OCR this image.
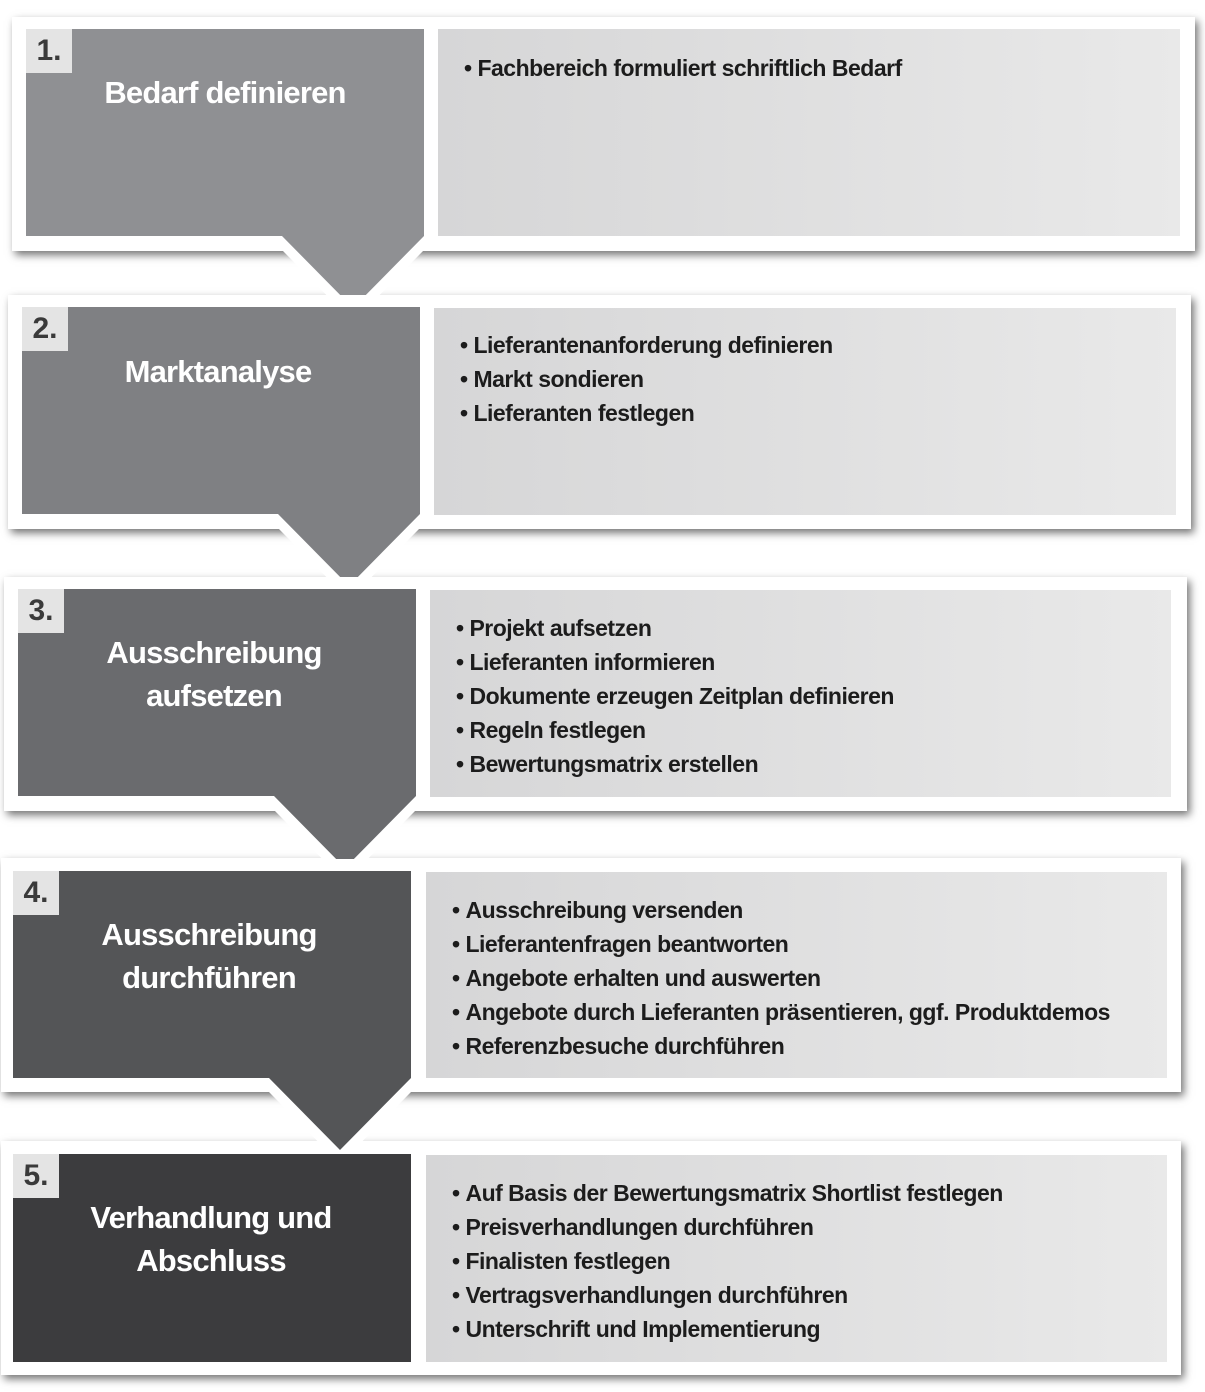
1.
Bedarf definieren
• Fachbereich formuliert schriftlich Bedarf
2.
Marktanalyse
• Lieferantenanforderung definieren
• Markt sondieren
• Lieferanten festlegen
3.
Ausschreibung
aufsetzen
• Projekt aufsetzen
• Lieferanten informieren
• Dokumente erzeugen Zeitplan definieren
• Regeln festlegen
• Bewertungsmatrix erstellen
4.
Ausschreibung
durchführen
• Ausschreibung versenden
• Lieferantenfragen beantworten
• Angebote erhalten und auswerten
• Angebote durch Lieferanten präsentieren, ggf. Produktdemos
• Referenzbesuche durchführen
5.
Verhandlung und
Abschluss
• Auf Basis der Bewertungsmatrix Shortlist festlegen
• Preisverhandlungen durchführen
• Finalisten festlegen
• Vertragsverhandlungen durchführen
• Unterschrift und Implementierung
